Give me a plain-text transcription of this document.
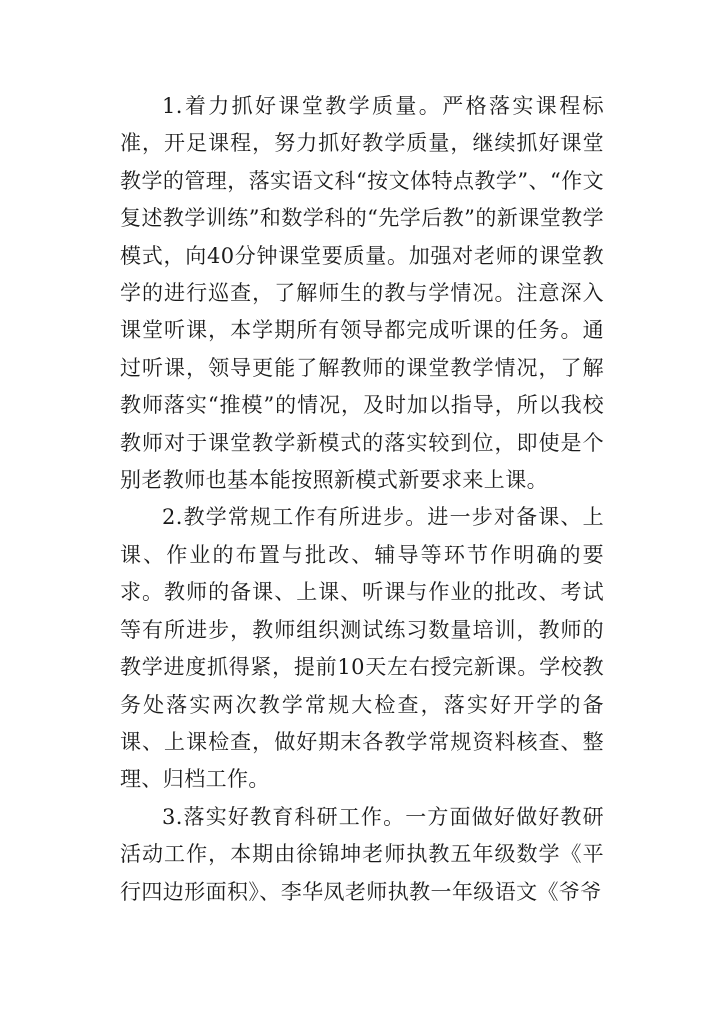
1.着力抓好课堂教学质量。严格落实课程标准，开足课程，努力抓好教学质量，继续抓好课堂教学的管理，落实语文科“按文体特点教学”、“作文复述教学训练”和数学科的“先学后教”的新课堂教学模式，向40分钟课堂要质量。加强对老师的课堂教学的进行巡查，了解师生的教与学情况。注意深入课堂听课，本学期所有领导都完成听课的任务。通过听课，领导更能了解教师的课堂教学情况，了解教师落实“推模”的情况，及时加以指导，所以我校教师对于课堂教学新模式的落实较到位，即使是个别老教师也基本能按照新模式新要求来上课。

2.教学常规工作有所进步。进一步对备课、上课、作业的布置与批改、辅导等环节作明确的要求。教师的备课、上课、听课与作业的批改、考试等有所进步，教师组织测试练习数量培训，教师的教学进度抓得紧，提前10天左右授完新课。学校教务处落实两次教学常规大检查，落实好开学的备课、上课检查，做好期末各教学常规资料核查、整理、归档工作。

3.落实好教育科研工作。一方面做好做好教研活动工作，本期由徐锦坤老师执教五年级数学《平行四边形面积》、李华凤老师执教一年级语文《爷爷
